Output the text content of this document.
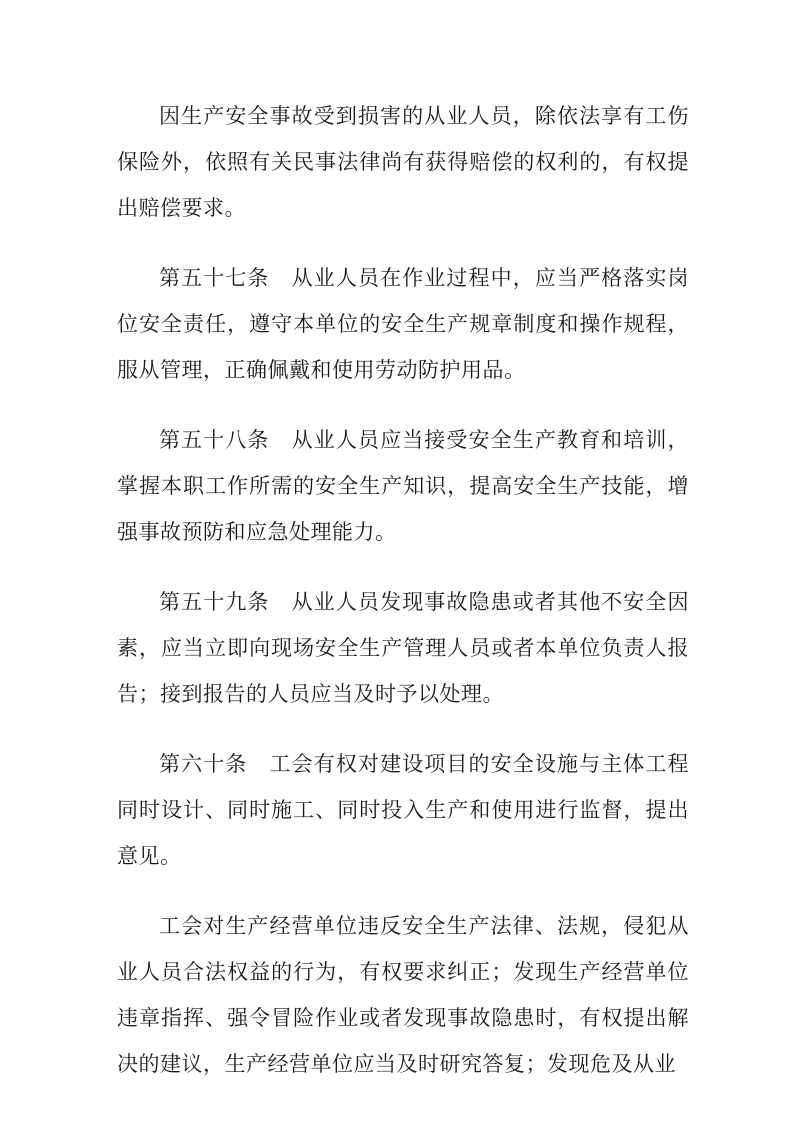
因生产安全事故受到损害的从业人员，除依法享有工伤保险外，依照有关民事法律尚有获得赔偿的权利的，有权提出赔偿要求。

第五十七条　从业人员在作业过程中，应当严格落实岗位安全责任，遵守本单位的安全生产规章制度和操作规程，服从管理，正确佩戴和使用劳动防护用品。

第五十八条　从业人员应当接受安全生产教育和培训，掌握本职工作所需的安全生产知识，提高安全生产技能，增强事故预防和应急处理能力。

第五十九条　从业人员发现事故隐患或者其他不安全因素，应当立即向现场安全生产管理人员或者本单位负责人报告；接到报告的人员应当及时予以处理。

第六十条　工会有权对建设项目的安全设施与主体工程同时设计、同时施工、同时投入生产和使用进行监督，提出意见。

工会对生产经营单位违反安全生产法律、法规，侵犯从业人员合法权益的行为，有权要求纠正；发现生产经营单位违章指挥、强令冒险作业或者发现事故隐患时，有权提出解决的建议，生产经营单位应当及时研究答复；发现危及从业
